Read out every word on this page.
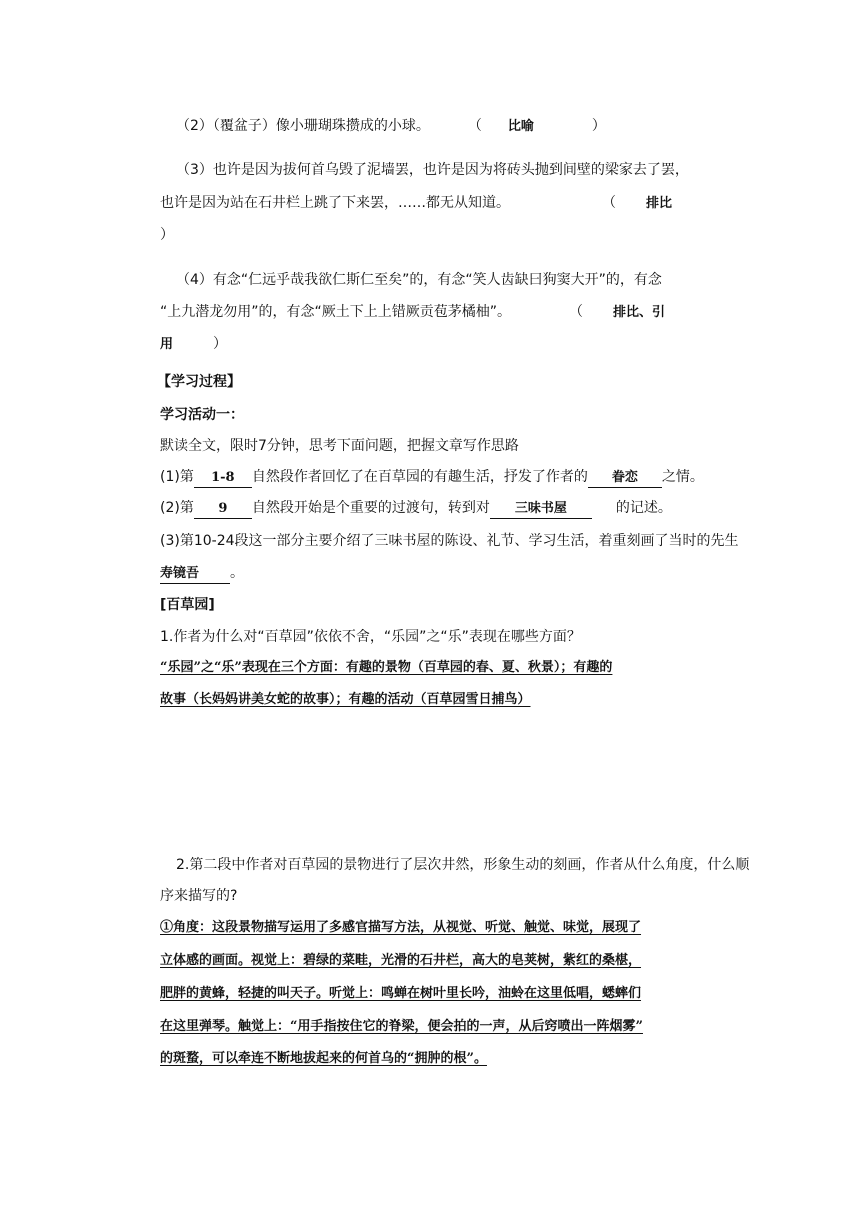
（2）（覆盆子）像小珊瑚珠攒成的小球。	（ 比喻	）
（3）也许是因为拔何首乌毁了泥墙罢，也许是因为将砖头抛到间壁的梁家去了罢，
也许是因为站在石井栏上跳了下来罢，……都无从知道。	（ 排比
）
（4）有念“仁远乎哉我欲仁斯仁至矣”的，有念“笑人齿缺曰狗窦大开”的，有念
“上九潜龙勿用”的，有念“厥土下上上错厥贡苞茅橘柚”。	（ 排比、引
用	）
【学习过程】
学习活动一：
默读全文，限时7分钟，思考下面问题，把握文章写作思路
(1)第 1-8 自然段作者回忆了在百草园的有趣生活，抒发了作者的 眷恋 之情。
(2)第 9 自然段开始是个重要的过渡句，转到对 三味书屋	的记述。
(3)第10-24段这一部分主要介绍了三味书屋的陈设、礼节、学习生活，着重刻画了当时的先生
寿镜吾 。
[百草园]
1.作者为什么对“百草园”依依不舍，“乐园”之“乐”表现在哪些方面？
“乐园”之“乐”表现在三个方面：有趣的景物（百草园的春、夏、秋景）；有趣的
故事（长妈妈讲美女蛇的故事）；有趣的活动（百草园雪日捕鸟）
2.第二段中作者对百草园的景物进行了层次井然，形象生动的刻画，作者从什么角度，什么顺
序来描写的?
①角度：这段景物描写运用了多感官描写方法，从视觉、听觉、触觉、味觉，展现了
立体感的画面。视觉上：碧绿的菜畦，光滑的石井栏，高大的皂荚树，紫红的桑椹，
肥胖的黄蜂，轻捷的叫天子。听觉上：鸣蝉在树叶里长吟，油蛉在这里低唱，蟋蟀们
在这里弹琴。触觉上：“用手指按住它的脊梁，便会拍的一声，从后窍喷出一阵烟雾”
的斑蝥，可以牵连不断地拔起来的何首乌的“拥肿的根”。
